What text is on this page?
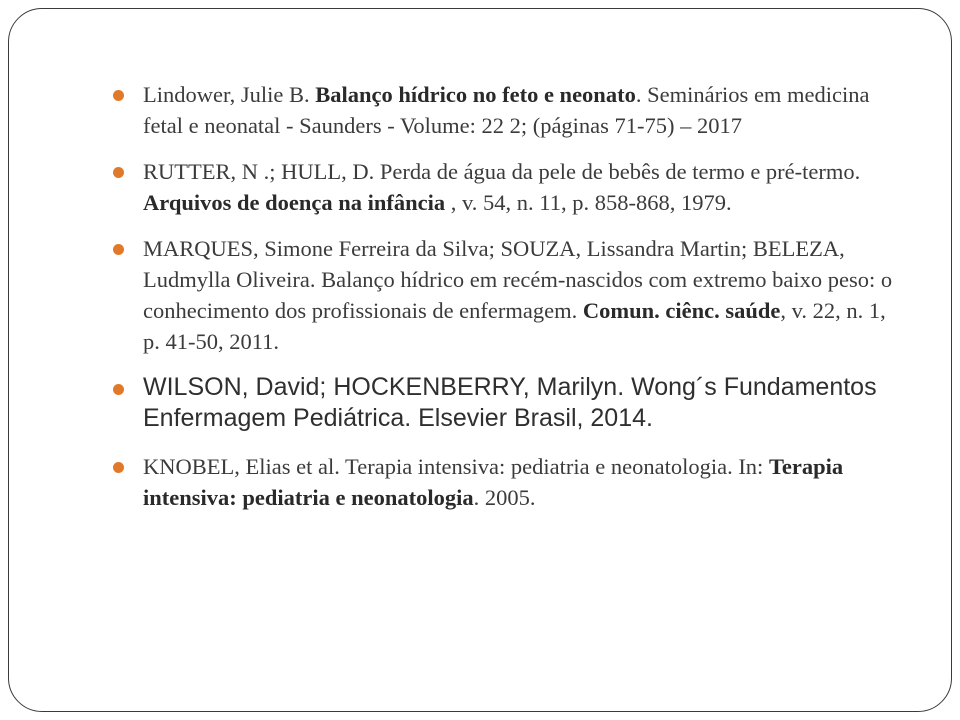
Lindower, Julie B. Balanço hídrico no feto e neonato. Seminários em medicina fetal e neonatal - Saunders - Volume: 22 2; (páginas 71-75) – 2017
RUTTER, N .; HULL, D. Perda de água da pele de bebês de termo e pré-termo. Arquivos de doença na infância , v. 54, n. 11, p. 858-868, 1979.
MARQUES, Simone Ferreira da Silva; SOUZA, Lissandra Martin; BELEZA, Ludmylla Oliveira. Balanço hídrico em recém-nascidos com extremo baixo peso: o conhecimento dos profissionais de enfermagem. Comun. ciênc. saúde, v. 22, n. 1, p. 41-50, 2011.
WILSON, David; HOCKENBERRY, Marilyn. Wong´s Fundamentos Enfermagem Pediátrica. Elsevier Brasil, 2014.
KNOBEL, Elias et al. Terapia intensiva: pediatria e neonatologia. In: Terapia intensiva: pediatria e neonatologia. 2005.
